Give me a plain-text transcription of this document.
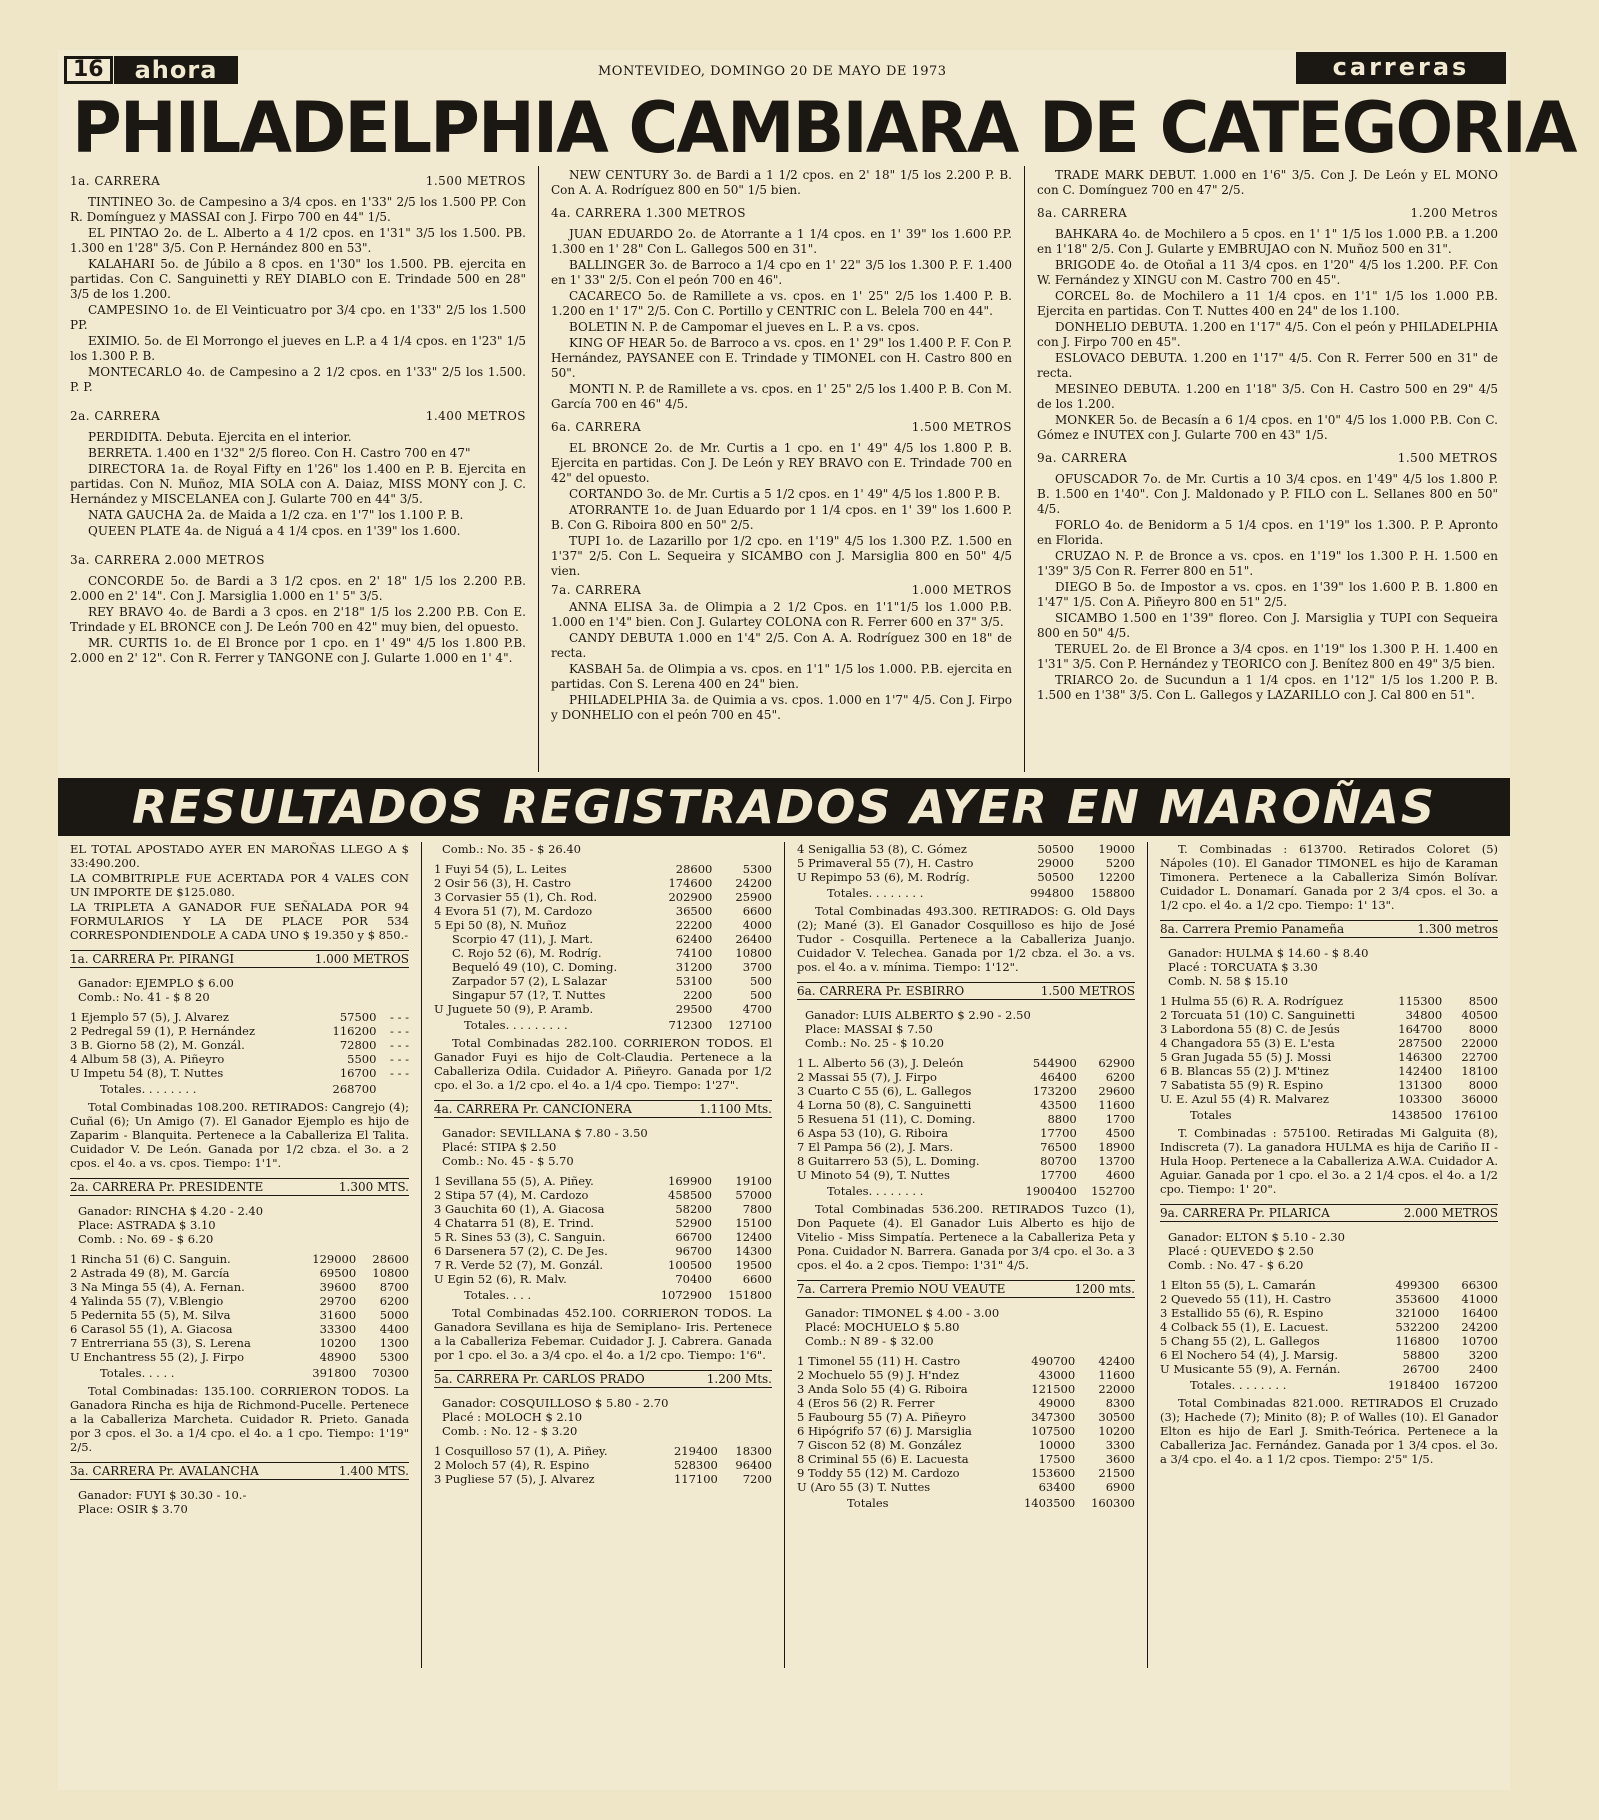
16	ahora	MONTEVIDEO, DOMINGO 20 DE MAYO DE 1973	carreras
PHILADELPHIA CAMBIARA DE CATEGORIA
1a. CARRERA	1.500 METROS

TINTINEO 3o. de Campesino a 3/4 cpos. en 1'33" 2/5 los 1.500 PP. Con R. Domínguez y MASSAI con J. Firpo 700 en 44" 1/5.

EL PINTAO 2o. de L. Alberto a 4 1/2 cpos. en 1'31" 3/5 los 1.500. PB. 1.300 en 1'28" 3/5. Con P. Hernández 800 en 53".

KALAHARI 5o. de Júbilo a 8 cpos. en 1'30" los 1.500. PB. ejercita en partidas. Con C. Sanguinetti y REY DIABLO con E. Trindade 500 en 28" 3/5 de los 1.200.

CAMPESINO 1o. de El Veinticuatro por 3/4 cpo. en 1'33" 2/5 los 1.500 PP.

EXIMIO. 5o. de El Morrongo el jueves en L.P. a 4 1/4 cpos. en 1'23" 1/5 los 1.300 P. B.

MONTECARLO 4o. de Campesino a 2 1/2 cpos. en 1'33" 2/5 los 1.500. P. P.

2a. CARRERA	1.400 METROS

PERDIDITA. Debuta. Ejercita en el interior.

BERRETA. 1.400 en 1'32" 2/5 floreo. Con H. Castro 700 en 47"

DIRECTORA 1a. de Royal Fifty en 1'26" los 1.400 en P. B. Ejercita en partidas. Con N. Muñoz, MIA SOLA con A. Daiaz, MISS MONY con J. C. Hernández y MISCELANEA con J. Gularte 700 en 44" 3/5.

NATA GAUCHA 2a. de Maida a 1/2 cza. en 1'7" los 1.100 P. B.

QUEEN PLATE 4a. de Niguá a 4 1/4 cpos. en 1'39" los 1.600.

3a. CARRERA 2.000 METROS

CONCORDE 5o. de Bardi a 3 1/2 cpos. en 2' 18" 1/5 los 2.200 P.B. 2.000 en 2' 14". Con J. Marsiglia 1.000 en 1' 5" 3/5.

REY BRAVO 4o. de Bardi a 3 cpos. en 2'18" 1/5 los 2.200 P.B. Con E. Trindade y EL BRONCE con J. De León 700 en 42" muy bien, del opuesto.

MR. CURTIS 1o. de El Bronce por 1 cpo. en 1' 49" 4/5 los 1.800 P.B. 2.000 en 2' 12". Con R. Ferrer y TANGONE con J. Gularte 1.000 en 1' 4".

NEW CENTURY 3o. de Bardi a 1 1/2 cpos. en 2' 18" 1/5 los 2.200 P. B. Con A. A. Rodríguez 800 en 50" 1/5 bien.

4a. CARRERA 1.300 METROS

JUAN EDUARDO 2o. de Atorrante a 1 1/4 cpos. en 1' 39" los 1.600 P.P. 1.300 en 1' 28" Con L. Gallegos 500 en 31".

BALLINGER 3o. de Barroco a 1/4 cpo en 1' 22" 3/5 los 1.300 P. F. 1.400 en 1' 33" 2/5. Con el peón 700 en 46".

CACARECO 5o. de Ramillete a vs. cpos. en 1' 25" 2/5 los 1.400 P. B. 1.200 en 1' 17" 2/5. Con C. Portillo y CENTRIC con L. Belela 700 en 44".

BOLETIN N. P. de Campomar el jueves en L. P. a vs. cpos.

KING OF HEAR 5o. de Barroco a vs. cpos. en 1' 29" los 1.400 P. F. Con P. Hernández, PAYSANEE con E. Trindade y TIMONEL con H. Castro 800 en 50".

MONTI N. P. de Ramillete a vs. cpos. en 1' 25" 2/5 los 1.400 P. B. Con M. García 700 en 46" 4/5.

6a. CARRERA	1.500 METROS

EL BRONCE 2o. de Mr. Curtis a 1 cpo. en 1' 49" 4/5 los 1.800 P. B. Ejercita en partidas. Con J. De León y REY BRAVO con E. Trindade 700 en 42" del opuesto.

CORTANDO 3o. de Mr. Curtis a 5 1/2 cpos. en 1' 49" 4/5 los 1.800 P. B.

ATORRANTE 1o. de Juan Eduardo por 1 1/4 cpos. en 1' 39" los 1.600 P. B. Con G. Riboira 800 en 50" 2/5.

TUPI 1o. de Lazarillo por 1/2 cpo. en 1'19" 4/5 los 1.300 P.Z. 1.500 en 1'37" 2/5. Con L. Sequeira y SICAMBO con J. Marsiglia 800 en 50" 4/5 vien.

7a. CARRERA	1.000 METROS

ANNA ELISA 3a. de Olimpia a 2 1/2 Cpos. en 1'1"1/5 los 1.000 P.B. 1.000 en 1'4" bien. Con J. Gulartey COLONA con R. Ferrer 600 en 37" 3/5.

CANDY DEBUTA 1.000 en 1'4" 2/5. Con A. A. Rodríguez 300 en 18" de recta.

KASBAH 5a. de Olimpia a vs. cpos. en 1'1" 1/5 los 1.000. P.B. ejercita en partidas. Con S. Lerena 400 en 24" bien.

PHILADELPHIA 3a. de Quimia a vs. cpos. 1.000 en 1'7" 4/5. Con J. Firpo y DONHELIO con el peón 700 en 45".

TRADE MARK DEBUT. 1.000 en 1'6" 3/5. Con J. De León y EL MONO con C. Domínguez 700 en 47" 2/5.

8a. CARRERA	1.200 Metros

BAHKARA 4o. de Mochilero a 5 cpos. en 1' 1" 1/5 los 1.000 P.B. a 1.200 en 1'18" 2/5. Con J. Gularte y EMBRUJAO con N. Muñoz 500 en 31".

BRIGODE 4o. de Otoñal a 11 3/4 cpos. en 1'20" 4/5 los 1.200. P.F. Con W. Fernández y XINGU con M. Castro 700 en 45".

CORCEL 8o. de Mochilero a 11 1/4 cpos. en 1'1" 1/5 los 1.000 P.B. Ejercita en partidas. Con T. Nuttes 400 en 24" de los 1.100.

DONHELIO DEBUTA. 1.200 en 1'17" 4/5. Con el peón y PHILADELPHIA con J. Firpo 700 en 45".

ESLOVACO DEBUTA. 1.200 en 1'17" 4/5. Con R. Ferrer 500 en 31" de recta.

MESINEO DEBUTA. 1.200 en 1'18" 3/5. Con H. Castro 500 en 29" 4/5 de los 1.200.

MONKER 5o. de Becasín a 6 1/4 cpos. en 1'0" 4/5 los 1.000 P.B. Con C. Gómez e INUTEX con J. Gularte 700 en 43" 1/5.

9a. CARRERA	1.500 METROS

OFUSCADOR 7o. de Mr. Curtis a 10 3/4 cpos. en 1'49" 4/5 los 1.800 P. B. 1.500 en 1'40". Con J. Maldonado y P. FILO con L. Sellanes 800 en 50" 4/5.

FORLO 4o. de Benidorm a 5 1/4 cpos. en 1'19" los 1.300. P. P. Apronto en Florida.

CRUZAO N. P. de Bronce a vs. cpos. en 1'19" los 1.300 P. H. 1.500 en 1'39" 3/5 Con R. Ferrer 800 en 51".

DIEGO B 5o. de Impostor a vs. cpos. en 1'39" los 1.600 P. B. 1.800 en 1'47" 1/5. Con A. Piñeyro 800 en 51" 2/5.

SICAMBO 1.500 en 1'39" floreo. Con J. Marsiglia y TUPI con Sequeira 800 en 50" 4/5.

TERUEL 2o. de El Bronce a 3/4 cpos. en 1'19" los 1.300 P. H. 1.400 en 1'31" 3/5. Con P. Hernández y TEORICO con J. Benítez 800 en 49" 3/5 bien.

TRIARCO 2o. de Sucundun a 1 1/4 cpos. en 1'12" 1/5 los 1.200 P. B. 1.500 en 1'38" 3/5. Con L. Gallegos y LAZARILLO con J. Cal 800 en 51".

RESULTADOS REGISTRADOS AYER EN MAROÑAS

EL TOTAL APOSTADO AYER EN MAROÑAS LLEGO A $ 33:490.200.

LA COMBITRIPLE FUE ACERTADA POR 4 VALES CON UN IMPORTE DE $125.080.

LA TRIPLETA A GANADOR FUE SEÑALADA POR 94 FORMULARIOS Y LA DE PLACE POR 534 CORRESPONDIENDOLE A CADA UNO $ 19.350 y $ 850.-

1a. CARRERA Pr. PIRANGI	1.000 METROS
Ganador: EJEMPLO $ 6.00
Comb.: No. 41 - $ 8 20
1 Ejemplo 57 (5), J. Alvarez	57500	- - -
2 Pedregal 59 (1), P. Hernández	116200	- - -
3 B. Giorno 58 (2), M. Gonzál.	72800	- - -
4 Album 58 (3), A. Piñeyro	5500	- - -
U Impetu 54 (8), T. Nuttes	16700	- - -
Totales. . . . . . . .	268700	

Total Combinadas 108.200. RETIRADOS: Cangrejo (4); Cuñal (6); Un Amigo (7). El Ganador Ejemplo es hijo de Zaparim - Blanquita. Pertenece a la Caballeriza El Talita. Cuidador V. De León. Ganada por 1/2 cbza. el 3o. a 2 cpos. el 4o. a vs. cpos. Tiempo: 1'1".

2a. CARRERA Pr. PRESIDENTE	1.300 MTS.
Ganador: RINCHA $ 4.20 - 2.40
Place: ASTRADA $ 3.10
Comb. : No. 69 - $ 6.20
1 Rincha 51 (6) C. Sanguin.	129000	28600
2 Astrada 49 (8), M. García	69500	10800
3 Na Minga 55 (4), A. Fernan.	39600	8700
4 Yalinda 55 (7), V.Blengio	29700	6200
5 Pedernita 55 (5), M. Silva	31600	5000
6 Carasol 55 (1), A. Giacosa	33300	4400
7 Entrerriana 55 (3), S. Lerena	10200	1300
U Enchantress 55 (2), J. Firpo	48900	5300
Totales. . . . .	391800	70300

Total Combinadas: 135.100. CORRIERON TODOS. La Ganadora Rincha es hija de Richmond-Pucelle. Pertenece a la Caballeriza Marcheta. Cuidador R. Prieto. Ganada por 3 cpos. el 3o. a 1/4 cpo. el 4o. a 1 cpo. Tiempo: 1'19" 2/5.

3a. CARRERA Pr. AVALANCHA	1.400 MTS.
Ganador: FUYI $ 30.30 - 10.-
Place: OSIR $ 3.70
Comb.: No. 35 - $ 26.40
1 Fuyi 54 (5), L. Leites	28600	5300
2 Osir 56 (3), H. Castro	174600	24200
3 Corvasier 55 (1), Ch. Rod.	202900	25900
4 Evora 51 (7), M. Cardozo	36500	6600
5 Epi 50 (8), N. Muñoz	22200	4000
Scorpio 47 (11), J. Mart.	62400	26400
C. Rojo 52 (6), M. Rodríg.	74100	10800
Bequeló 49 (10), C. Doming.	31200	3700
Zarpador 57 (2), L Salazar	53100	500
Singapur 57 (1?, T. Nuttes	2200	500
U Juguete 50 (9), P. Aramb.	29500	4700
Totales. . . . . . . . .	712300	127100

Total Combinadas 282.100. CORRIERON TODOS. El Ganador Fuyi es hijo de Colt-Claudia. Pertenece a la Caballeriza Odila. Cuidador A. Piñeyro. Ganada por 1/2 cpo. el 3o. a 1/2 cpo. el 4o. a 1/4 cpo. Tiempo: 1'27".

4a. CARRERA Pr. CANCIONERA	1.1100 Mts.
Ganador: SEVILLANA $ 7.80 - 3.50
Placé: STIPA $ 2.50
Comb.: No. 45 - $ 5.70
1 Sevillana 55 (5), A. Piñey.	169900	19100
2 Stipa 57 (4), M. Cardozo	458500	57000
3 Gauchita 60 (1), A. Giacosa	58200	7800
4 Chatarra 51 (8), E. Trind.	52900	15100
5 R. Sines 53 (3), C. Sanguin.	66700	12400
6 Darsenera 57 (2), C. De Jes.	96700	14300
7 R. Verde 52 (7), M. Gonzál.	100500	19500
U Egin 52 (6), R. Malv.	70400	6600
Totales. . . .	1072900	151800

Total Combinadas 452.100. CORRIERON TODOS. La Ganadora Sevillana es hija de Semiplano- Iris. Pertenece a la Caballeriza Febemar. Cuidador J. J. Cabrera. Ganada por 1 cpo. el 3o. a 3/4 cpo. el 4o. a 1/2 cpo. Tiempo: 1'6".

5a. CARRERA Pr. CARLOS PRADO	1.200 Mts.
Ganador: COSQUILLOSO $ 5.80 - 2.70
Placé : MOLOCH $ 2.10
Comb. : No. 12 - $ 3.20
1 Cosquilloso 57 (1), A. Piñey.	219400	18300
2 Moloch 57 (4), R. Espino	528300	96400
3 Pugliese 57 (5), J. Alvarez	117100	7200
4 Senigallia 53 (8), C. Gómez	50500	19000
5 Primaveral 55 (7), H. Castro	29000	5200
U Repimpo 53 (6), M. Rodríg.	50500	12200
Totales. . . . . . . .	994800	158800

Total Combinadas 493.300. RETIRADOS: G. Old Days (2); Mané (3). El Ganador Cosquilloso es hijo de José Tudor - Cosquilla. Pertenece a la Caballeriza Juanjo. Cuidador V. Telechea. Ganada por 1/2 cbza. el 3o. a vs. pos. el 4o. a v. mínima. Tiempo: 1'12".

6a. CARRERA Pr. ESBIRRO	1.500 METROS
Ganador: LUIS ALBERTO $ 2.90 - 2.50
Place: MASSAI $ 7.50
Comb.: No. 25 - $ 10.20
1 L. Alberto 56 (3), J. Deleón	544900	62900
2 Massai 55 (7), J. Firpo	46400	6200
3 Cuarto C 55 (6), L. Gallegos	173200	29600
4 Lorna 50 (8), C. Sanguinetti	43500	11600
5 Resuena 51 (11), C. Doming.	8800	1700
6 Aspa 53 (10), G. Riboira	17700	4500
7 El Pampa 56 (2), J. Mars.	76500	18900
8 Guitarrero 53 (5), L. Doming.	80700	13700
U Minoto 54 (9), T. Nuttes	17700	4600
Totales. . . . . . . .	1900400	152700

Total Combinadas 536.200. RETIRADOS Tuzco (1), Don Paquete (4). El Ganador Luis Alberto es hijo de Vitelio - Miss Simpatía. Pertenece a la Caballeriza Peta y Pona. Cuidador N. Barrera. Ganada por 3/4 cpo. el 3o. a 3 cpos. el 4o. a 2 cpos. Tiempo: 1'31" 4/5.

7a. Carrera Premio NOU VEAUTE	1200 mts.
Ganador: TIMONEL $ 4.00 - 3.00
Placé: MOCHUELO $ 5.80
Comb.: N 89 - $ 32.00
1 Timonel 55 (11) H. Castro	490700	42400
2 Mochuelo 55 (9) J. H'ndez	43000	11600
3 Anda Solo 55 (4) G. Riboira	121500	22000
4 (Eros 56 (2) R. Ferrer	49000	8300
5 Faubourg 55 (7) A. Piñeyro	347300	30500
6 Hipógrifo 57 (6) J. Marsiglia	107500	10200
7 Giscon 52 (8) M. González	10000	3300
8 Criminal 55 (6) E. Lacuesta	17500	3600
9 Toddy 55 (12) M. Cardozo	153600	21500
U (Aro 55 (3) T. Nuttes	63400	6900
Totales	1403500	160300

T. Combinadas : 613700. Retirados Coloret (5) Nápoles (10). El Ganador TIMONEL es hijo de Karaman Timonera. Pertenece a la Caballeriza Simón Bolívar. Cuidador L. Donamarí. Ganada por 2 3/4 cpos. el 3o. a 1/2 cpo. el 4o. a 1/2 cpo. Tiempo: 1' 13".

8a. Carrera Premio Panameña	1.300 metros
Ganador: HULMA $ 14.60 - $ 8.40
Placé : TORCUATA $ 3.30
Comb. N. 58 $ 15.10
1 Hulma 55 (6) R. A. Rodríguez	115300	8500
2 Torcuata 51 (10) C. Sanguinetti	34800	40500
3 Labordona 55 (8) C. de Jesús	164700	8000
4 Changadora 55 (3) E. L'esta	287500	22000
5 Gran Jugada 55 (5) J. Mossi	146300	22700
6 B. Blancas 55 (2) J. M'tinez	142400	18100
7 Sabatista 55 (9) R. Espino	131300	8000
U. E. Azul 55 (4) R. Malvarez	103300	36000
Totales	1438500	176100

T. Combinadas : 575100. Retiradas Mi Galguita (8), Indiscreta (7). La ganadora HULMA es hija de Cariño II - Hula Hoop. Pertenece a la Caballeriza A.W.A. Cuidador A. Aguiar. Ganada por 1 cpo. el 3o. a 2 1/4 cpos. el 4o. a 1/2 cpo. Tiempo: 1' 20".

9a. CARRERA Pr. PILARICA	2.000 METROS
Ganador: ELTON $ 5.10 - 2.30
Placé : QUEVEDO $ 2.50
Comb. : No. 47 - $ 6.20
1 Elton 55 (5), L. Camarán	499300	66300
2 Quevedo 55 (11), H. Castro	353600	41000
3 Estallido 55 (6), R. Espino	321000	16400
4 Colback 55 (1), E. Lacuest.	532200	24200
5 Chang 55 (2), L. Gallegos	116800	10700
6 El Nochero 54 (4), J. Marsig.	58800	3200
U Musicante 55 (9), A. Fernán.	26700	2400
Totales. . . . . . . .	1918400	167200

Total Combinadas 821.000. RETIRADOS El Cruzado (3); Hachede (7); Minito (8); P. of Walles (10). El Ganador Elton es hijo de Earl J. Smith-Teórica. Pertenece a la Caballeriza Jac. Fernández. Ganada por 1 3/4 cpos. el 3o. a 3/4 cpo. el 4o. a 1 1/2 cpos. Tiempo: 2'5" 1/5.
